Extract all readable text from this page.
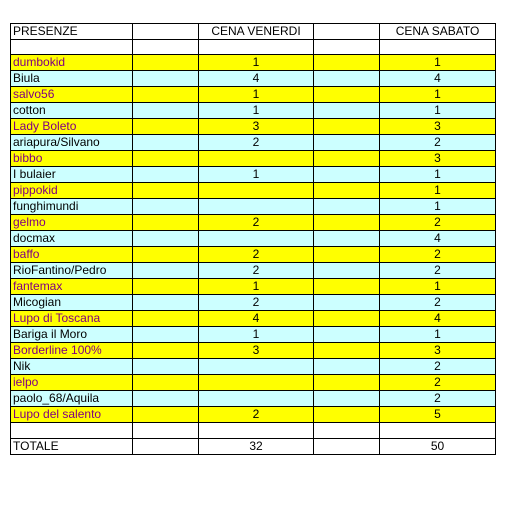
PRESENZE		CENA VENERDI		CENA SABATO

dumbokid		1		1
Biula		4		4
salvo56		1		1
cotton		1		1
Lady Boleto		3		3
ariapura/Silvano		2		2
bibbo				3
I bulaier		1		1
pippokid				1
funghimundi				1
gelmo		2		2
docmax				4
baffo		2		2
RioFantino/Pedro		2		2
fantemax		1		1
Micogian		2		2
Lupo di Toscana		4		4
Bariga il Moro		1		1
Borderline 100%		3		3
Nik				2
ielpo				2
paolo_68/Aquila				2
Lupo del salento		2		5

TOTALE		32		50
